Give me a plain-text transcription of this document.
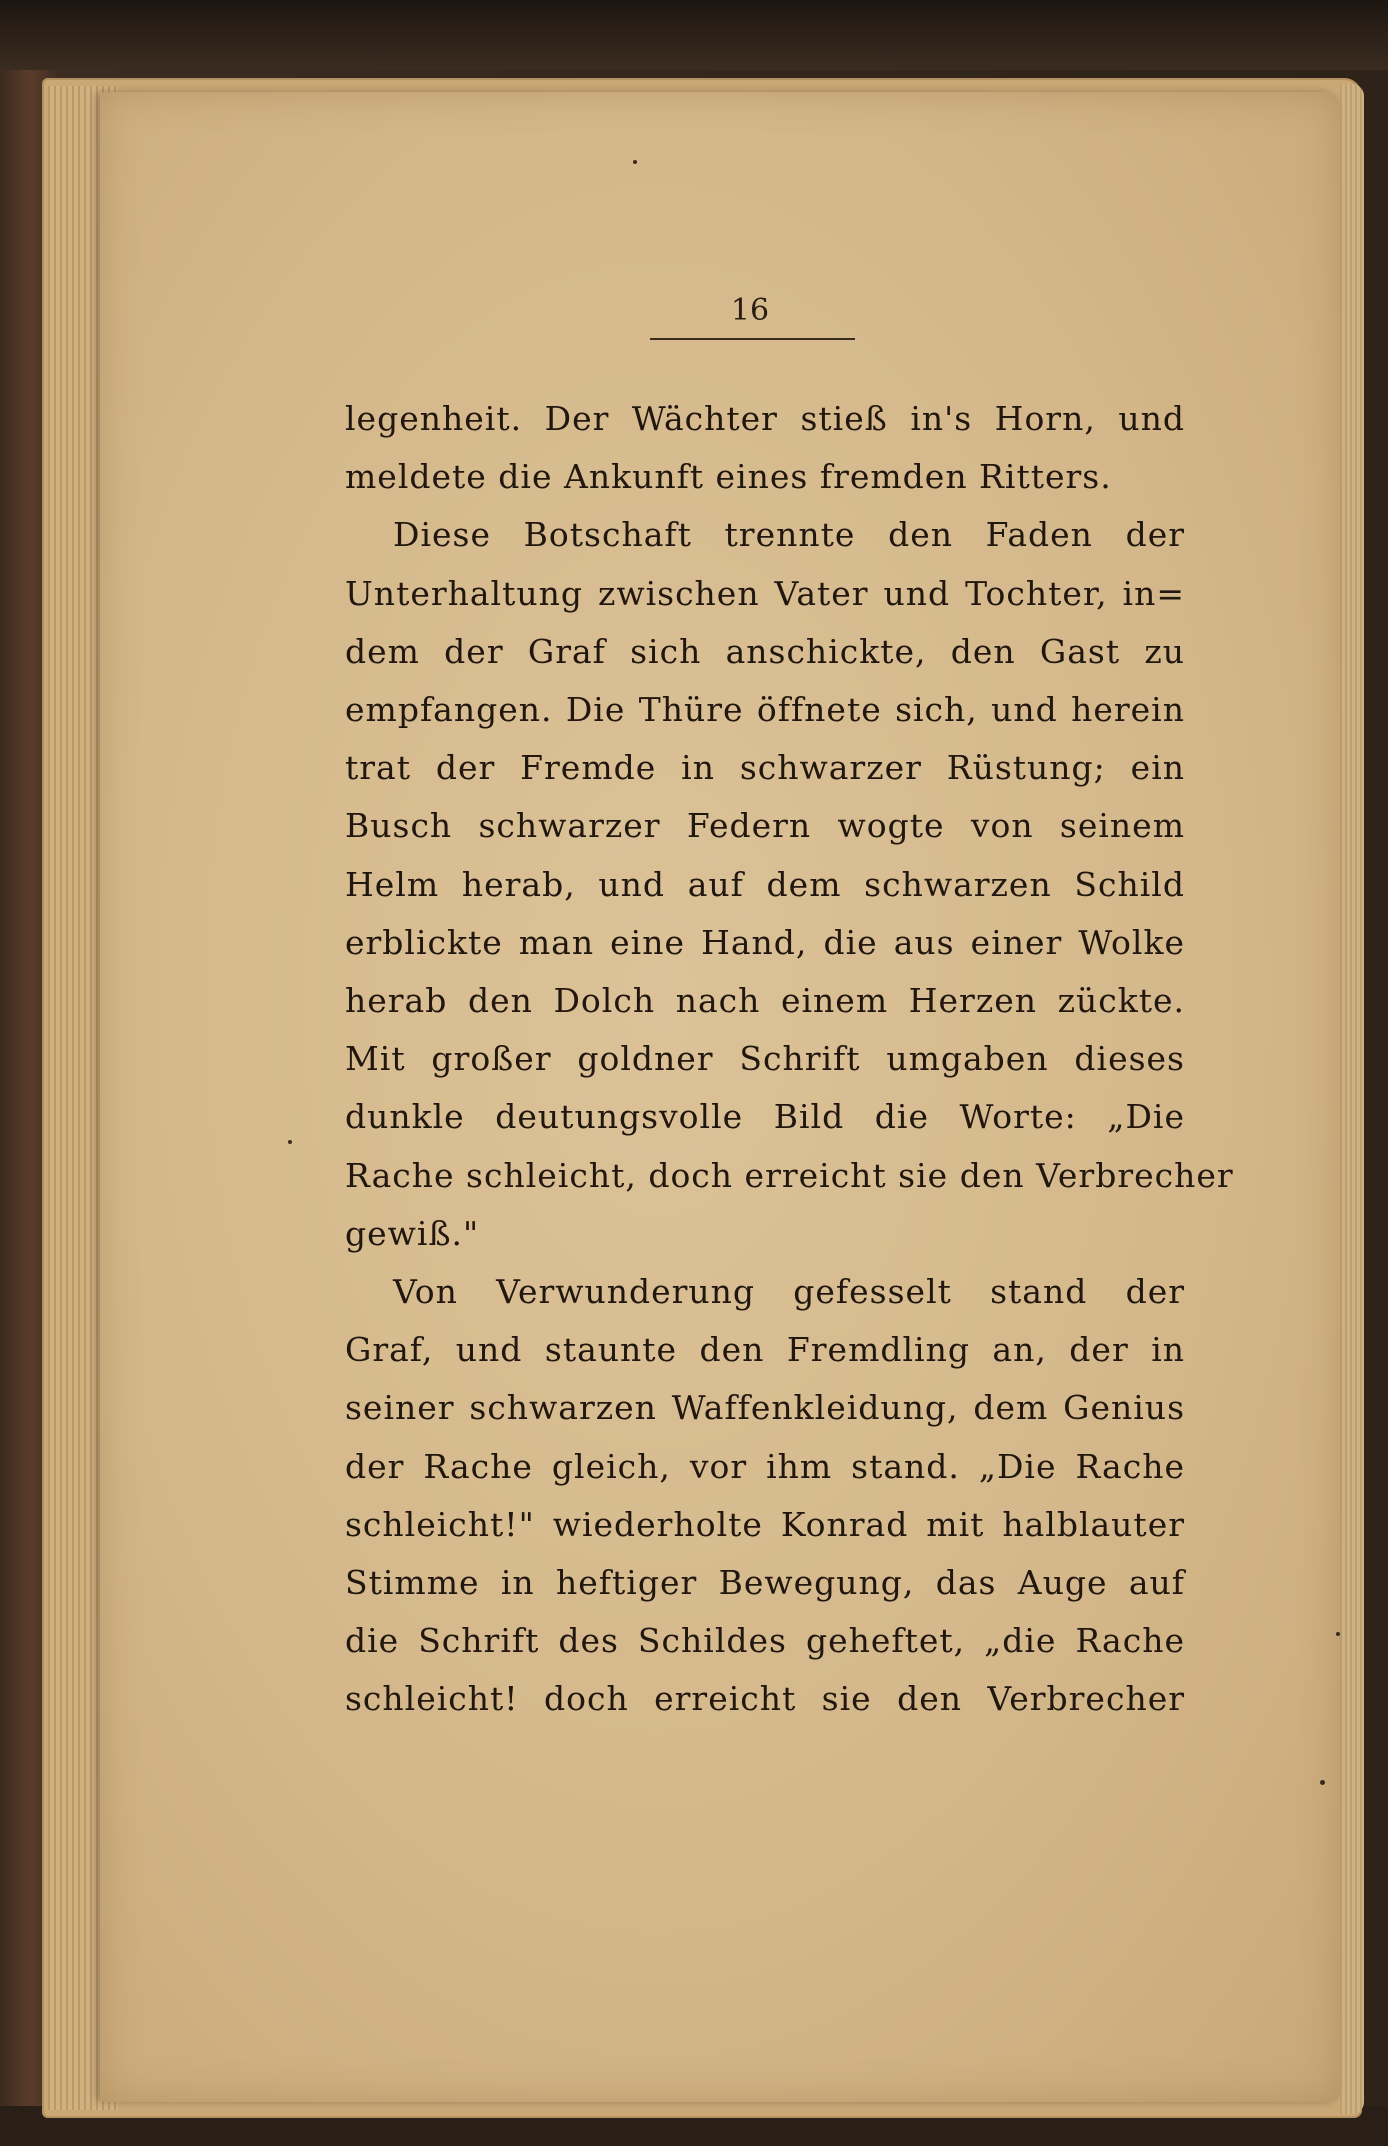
16
legenheit. Der Wächter stieß in's Horn, und
meldete die Ankunft eines fremden Ritters.
Diese Botschaft trennte den Faden der
Unterhaltung zwischen Vater und Tochter, in=
dem der Graf sich anschickte, den Gast zu
empfangen. Die Thüre öffnete sich, und herein
trat der Fremde in schwarzer Rüstung; ein
Busch schwarzer Federn wogte von seinem
Helm herab, und auf dem schwarzen Schild
erblickte man eine Hand, die aus einer Wolke
herab den Dolch nach einem Herzen zückte.
Mit großer goldner Schrift umgaben dieses
dunkle deutungsvolle Bild die Worte: „Die
Rache schleicht, doch erreicht sie den Verbrecher
gewiß."
Von Verwunderung gefesselt stand der
Graf, und staunte den Fremdling an, der in
seiner schwarzen Waffenkleidung, dem Genius
der Rache gleich, vor ihm stand. „Die Rache
schleicht!" wiederholte Konrad mit halblauter
Stimme in heftiger Bewegung, das Auge auf
die Schrift des Schildes geheftet, „die Rache
schleicht! doch erreicht sie den Verbrecher
